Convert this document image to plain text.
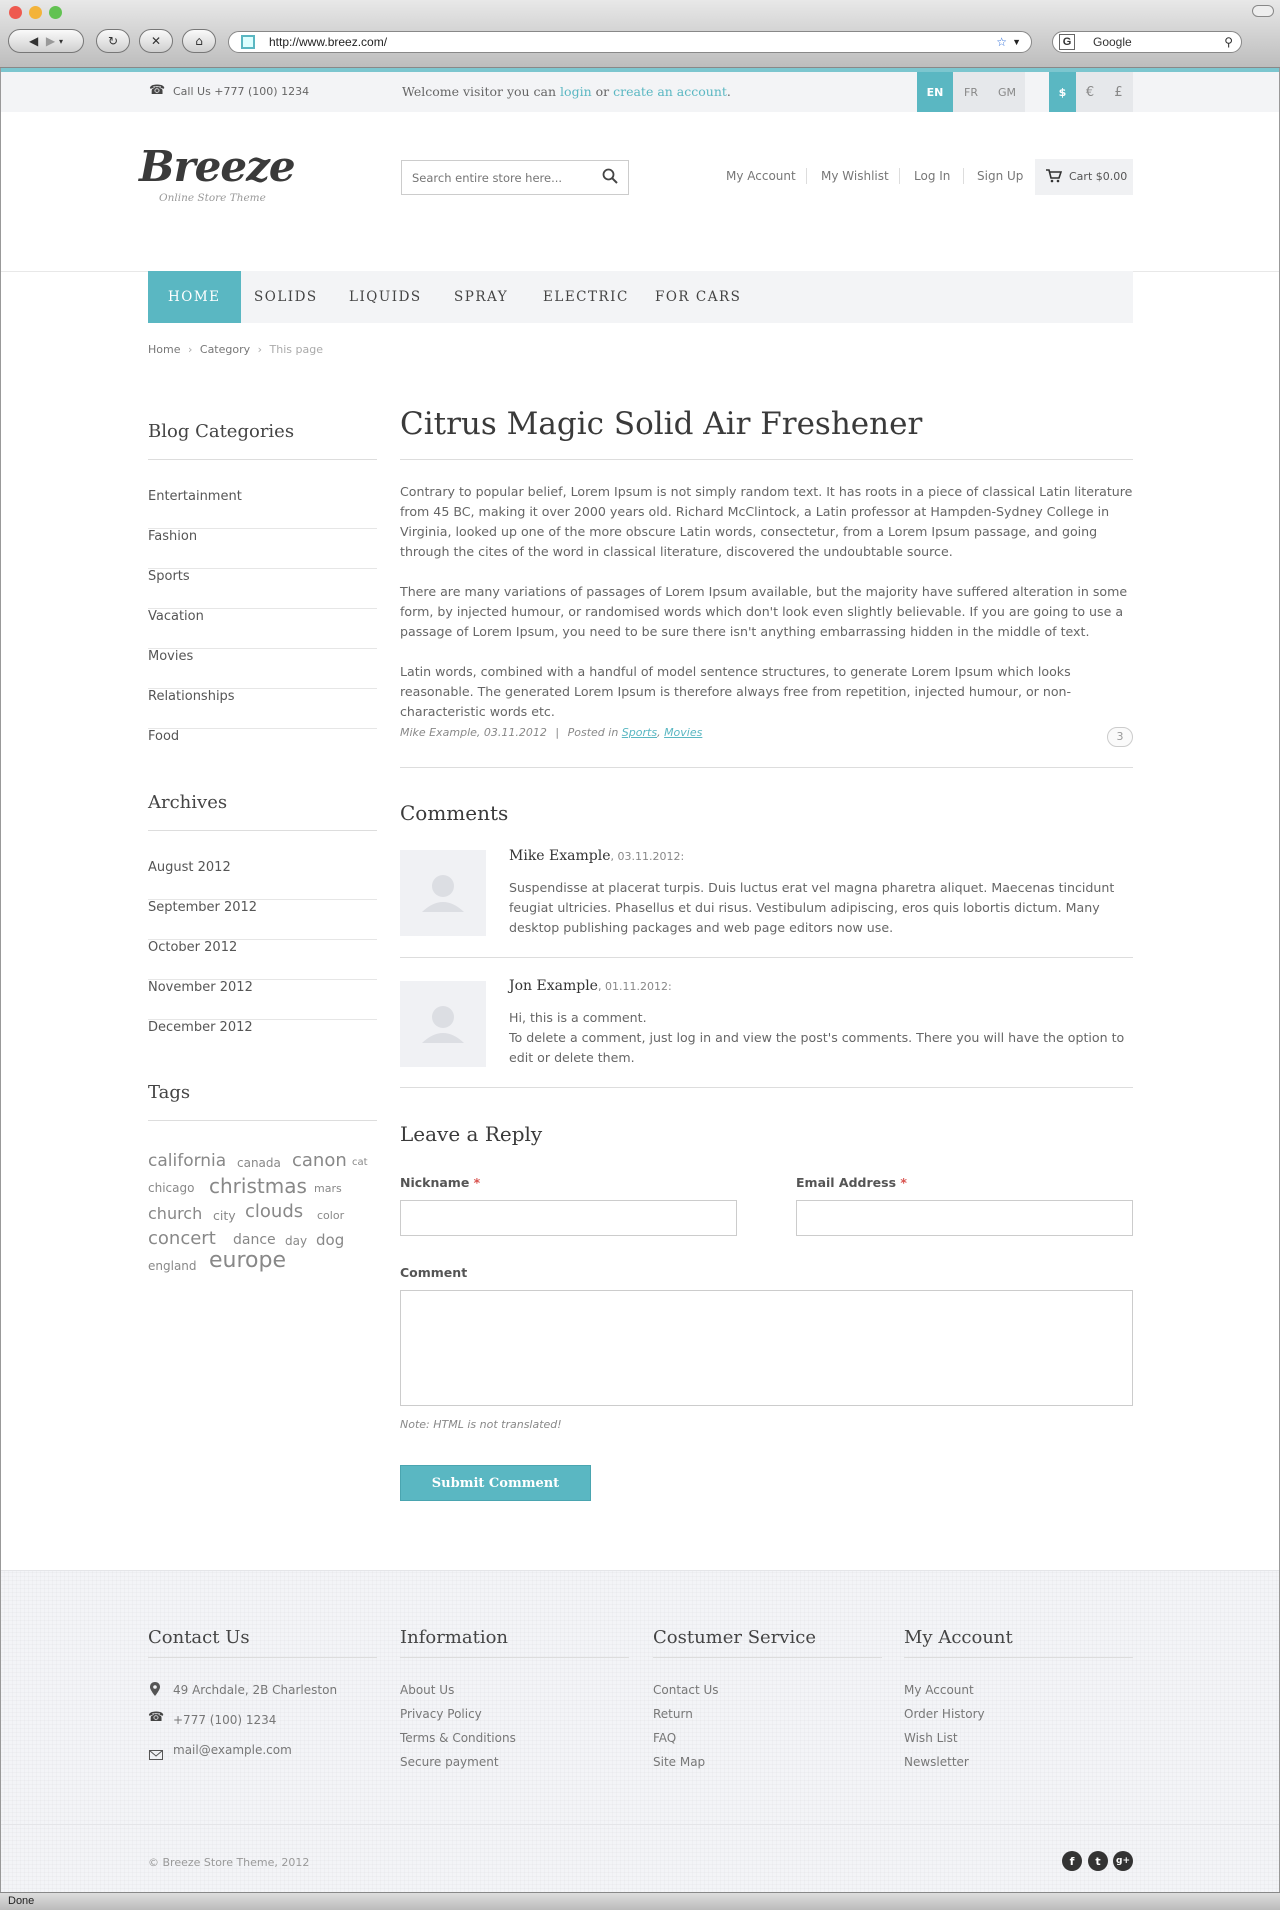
◀
▶
▾	↻	✕	⌂	http://www.breez.com/	☆ ▼	G	Google	⚲
☎ Call Us +777 (100) 1234	Welcome visitor you can login or create an account.	EN	FR	GM	$	€	£
Breeze
Online Store Theme
Search entire store here...
My Account My Wishlist Log In Sign Up	Cart $0.00
HOME	SOLIDS LIQUIDS SPRAY	ELECTRIC FOR CARS
Home › Category › This page
Blog Categories
Entertainment
Fashion
Sports
Vacation
Movies
Relationships
Food
Archives
August 2012
September 2012
October 2012
November 2012
December 2012
Tags
california canada canon cat
chicago christmas mars
church city clouds color
concert dance day dog
england europe
Citrus Magic Solid Air Freshener

Contrary to popular belief, Lorem Ipsum is not simply random text. It has roots in a piece of classical Latin literature from 45 BC, making it over 2000 years old. Richard McClintock, a Latin professor at Hampden-Sydney College in Virginia, looked up one of the more obscure Latin words, consectetur, from a Lorem Ipsum passage, and going through the cites of the word in classical literature, discovered the undoubtable source.

There are many variations of passages of Lorem Ipsum available, but the majority have suffered alteration in some form, by injected humour, or randomised words which don't look even slightly believable. If you are going to use a passage of Lorem Ipsum, you need to be sure there isn't anything embarrassing hidden in the middle of text.

Latin words, combined with a handful of model sentence structures, to generate Lorem Ipsum which looks reasonable. The generated Lorem Ipsum is therefore always free from repetition, injected humour, or non-characteristic words etc.

Mike Example, 03.11.2012 | Posted in Sports, Movies	3
Comments
Mike Example, 03.11.2012:

Suspendisse at placerat turpis. Duis luctus erat vel magna pharetra aliquet. Maecenas tincidunt feugiat ultricies. Phasellus et dui risus. Vestibulum adipiscing, eros quis lobortis dictum. Many desktop publishing packages and web page editors now use.

Jon Example, 01.11.2012:

Hi, this is a comment.

To delete a comment, just log in and view the post's comments. There you will have the option to edit or delete them.

Leave a Reply
Nickname *	Email Address *
Comment
Note: HTML is not translated!
Submit Comment
Contact Us
49 Archdale, 2B Charleston
☎ +777 (100) 1234
mail@example.com
Information
About Us
Privacy Policy
Terms & Conditions
Secure payment
Costumer Service
Contact Us
Return
FAQ
Site Map
My Account
My Account
Order History
Wish List
Newsletter
© Breeze Store Theme, 2012	f	t	g+
Done
